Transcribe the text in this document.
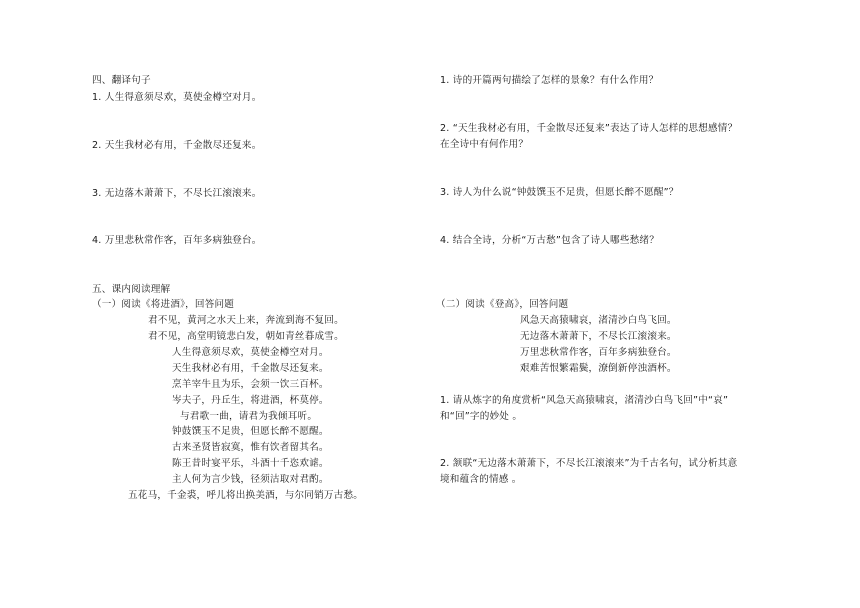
四、翻译句子
1. 人生得意须尽欢，莫使金樽空对月。
2. 天生我材必有用，千金散尽还复来。
3. 无边落木萧萧下，不尽长江滚滚来。
4. 万里悲秋常作客，百年多病独登台。
五、课内阅读理解
（一）阅读《将进酒》，回答问题
君不见，黄河之水天上来，奔流到海不复回。
君不见，高堂明镜悲白发，朝如青丝暮成雪。
人生得意须尽欢，莫使金樽空对月。
天生我材必有用，千金散尽还复来。
烹羊宰牛且为乐，会须一饮三百杯。
岑夫子，丹丘生，将进酒，杯莫停。
与君歌一曲，请君为我倾耳听。
钟鼓馔玉不足贵，但愿长醉不愿醒。
古来圣贤皆寂寞，惟有饮者留其名。
陈王昔时宴平乐，斗酒十千恣欢谑。
主人何为言少钱，径须沽取对君酌。
五花马，千金裘，呼儿将出换美酒，与尔同销万古愁。
1. 诗的开篇两句描绘了怎样的景象？有什么作用？
2. “天生我材必有用，千金散尽还复来”表达了诗人怎样的思想感情？
在全诗中有何作用？
3. 诗人为什么说“钟鼓馔玉不足贵，但愿长醉不愿醒”？
4. 结合全诗，分析“万古愁”包含了诗人哪些愁绪？
（二）阅读《登高》，回答问题
风急天高猿啸哀，渚清沙白鸟飞回。
无边落木萧萧下，不尽长江滚滚来。
万里悲秋常作客，百年多病独登台。
艰难苦恨繁霜鬓，潦倒新停浊酒杯。
1. 请从炼字的角度赏析“风急天高猿啸哀，渚清沙白鸟飞回”中“哀”
和“回”字的妙处 。
2. 颔联“无边落木萧萧下，不尽长江滚滚来”为千古名句，试分析其意
境和蕴含的情感 。
